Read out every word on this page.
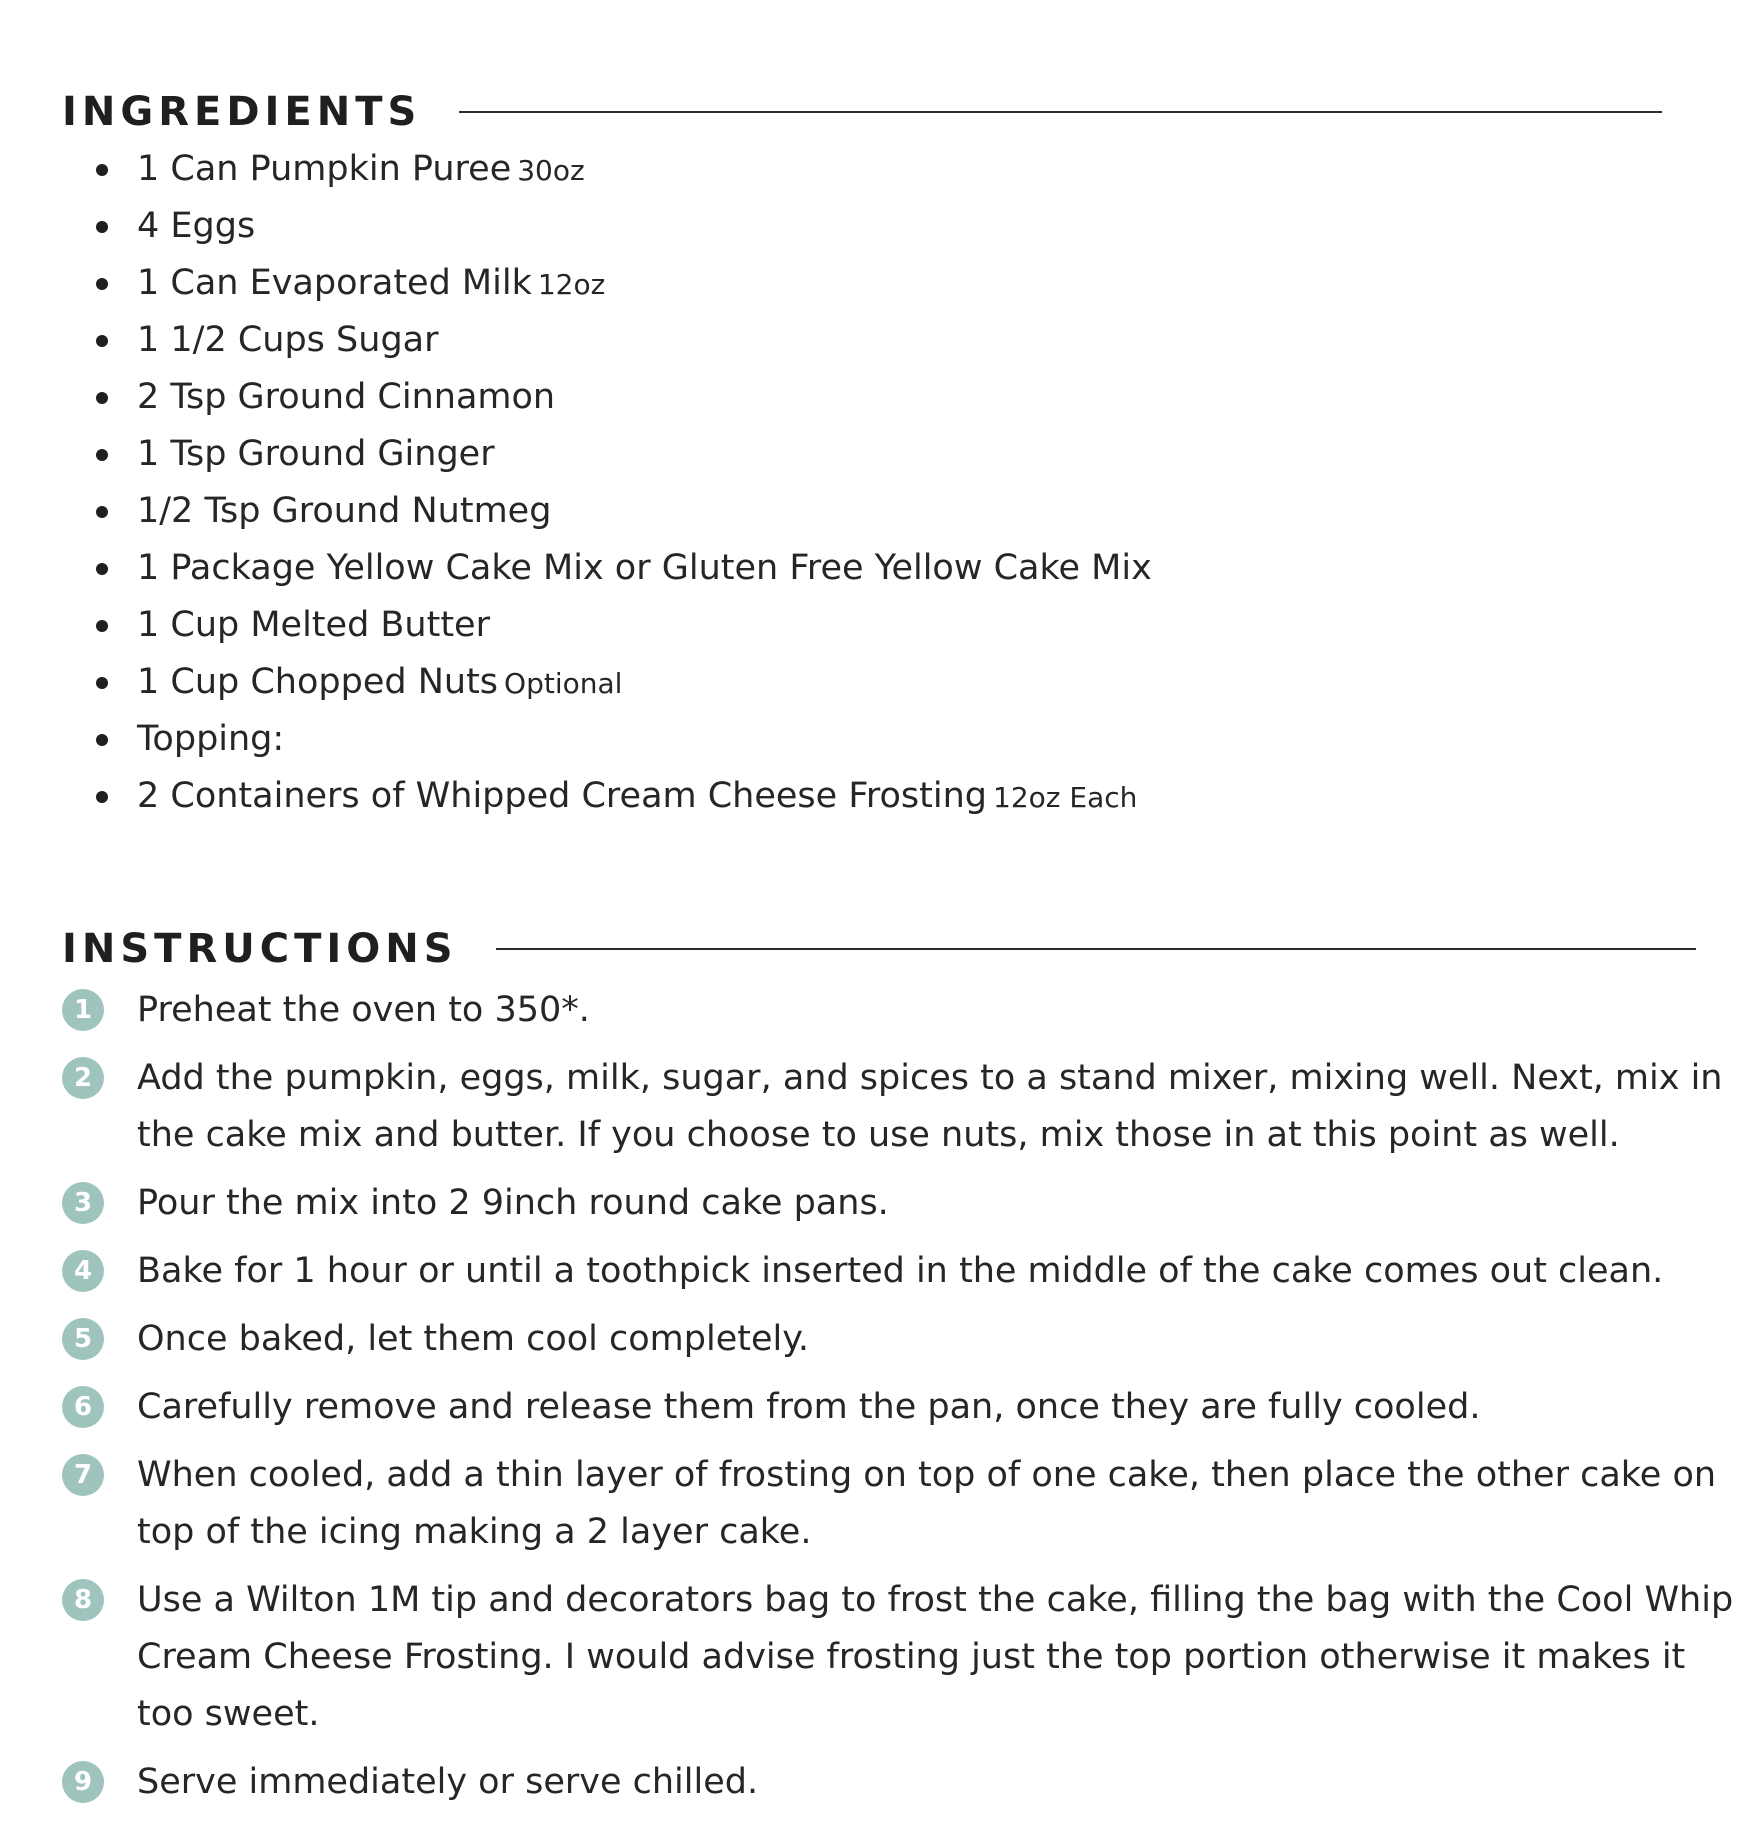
INGREDIENTS
1 Can Pumpkin Puree 30oz
4 Eggs
1 Can Evaporated Milk 12oz
1 1/2 Cups Sugar
2 Tsp Ground Cinnamon
1 Tsp Ground Ginger
1/2 Tsp Ground Nutmeg
1 Package Yellow Cake Mix or Gluten Free Yellow Cake Mix
1 Cup Melted Butter
1 Cup Chopped Nuts Optional
Topping:
2 Containers of Whipped Cream Cheese Frosting 12oz Each
INSTRUCTIONS
1	Preheat the oven to 350*.
2	Add the pumpkin, eggs, milk, sugar, and spices to a stand mixer, mixing well. Next, mix in the cake mix and butter. If you choose to use nuts, mix those in at this point as well.
3	Pour the mix into 2 9inch round cake pans.
4	Bake for 1 hour or until a toothpick inserted in the middle of the cake comes out clean.
5	Once baked, let them cool completely.
6	Carefully remove and release them from the pan, once they are fully cooled.
7	When cooled, add a thin layer of frosting on top of one cake, then place the other cake on top of the icing making a 2 layer cake.
8	Use a Wilton 1M tip and decorators bag to frost the cake, filling the bag with the Cool Whip Cream Cheese Frosting. I would advise frosting just the top portion otherwise it makes it too sweet.
9	Serve immediately or serve chilled.
